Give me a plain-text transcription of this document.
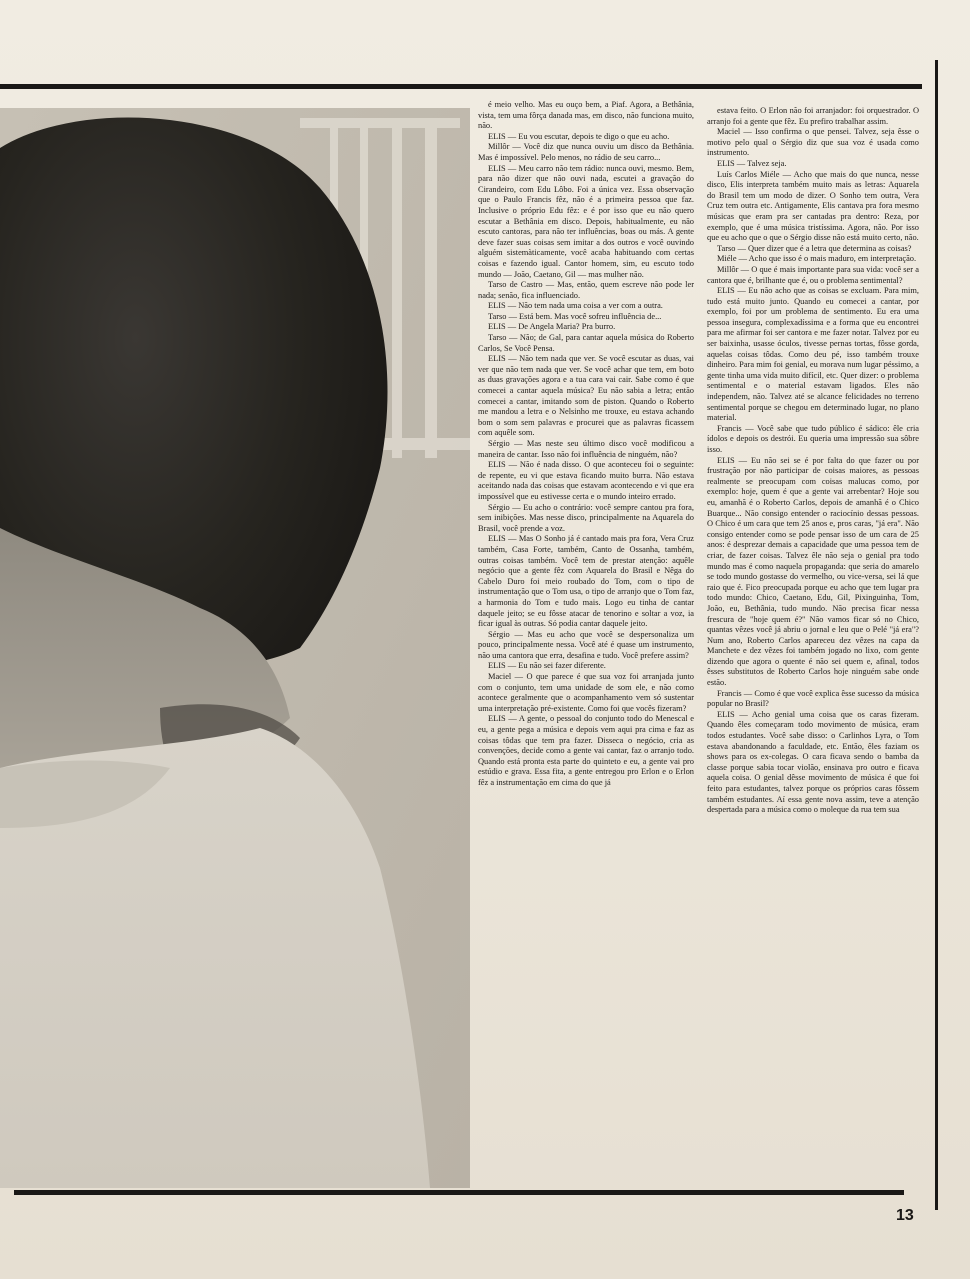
é meio velho. Mas eu ouço bem, a Piaf. Agora, a Bethânia, vista, tem uma fôrça danada mas, em disco, não funciona muito, não.

ELIS — Eu vou escutar, depois te digo o que eu acho.

Millôr — Você diz que nunca ouviu um disco da Bethânia. Mas é impossível. Pelo menos, no rádio de seu carro...

ELIS — Meu carro não tem rádio: nunca ouvi, mesmo. Bem, para não dizer que não ouvi nada, escutei a gravação do Cirandeiro, com Edu Lôbo. Foi a única vez. Essa observação que o Paulo Francis fêz, não é a primeira pessoa que faz. Inclusive o próprio Edu fêz: e é por isso que eu não quero escutar a Bethânia em disco. Depois, habitualmente, eu não escuto cantoras, para não ter influências, boas ou más. A gente deve fazer suas coisas sem imitar a dos outros e você ouvindo alguém sistemàticamente, você acaba habituando com certas coisas e fazendo igual. Cantor homem, sim, eu escuto todo mundo — João, Caetano, Gil — mas mulher não.

Tarso de Castro — Mas, então, quem escreve não pode ler nada; senão, fica influenciado.

ELIS — Não tem nada uma coisa a ver com a outra.

Tarso — Está bem. Mas você sofreu influência de...

ELIS — De Angela Maria? Pra burro.

Tarso — Não; de Gal, para cantar aquela música do Roberto Carlos, Se Você Pensa.

ELIS — Não tem nada que ver. Se você escutar as duas, vai ver que não tem nada que ver. Se você achar que tem, em boto as duas gravações agora e a tua cara vai cair. Sabe como é que comecei a cantar aquela música? Eu não sabia a letra; então comecei a cantar, imitando som de piston. Quando o Roberto me mandou a letra e o Nelsinho me trouxe, eu estava achando bom o som sem palavras e procurei que as palavras ficassem com aquêle som.

Sérgio — Mas neste seu último disco você modificou a maneira de cantar. Isso não foi influência de ninguém, não?

ELIS — Não é nada disso. O que aconteceu foi o seguinte: de repente, eu vi que estava ficando muito burra. Não estava aceitando nada das coisas que estavam acontecendo e vi que era impossível que eu estivesse certa e o mundo inteiro errado.

Sérgio — Eu acho o contrário: você sempre cantou pra fora, sem inibições. Mas nesse disco, principalmente na Aquarela do Brasil, você prende a voz.

ELIS — Mas O Sonho já é cantado mais pra fora, Vera Cruz também, Casa Forte, também, Canto de Ossanha, também, outras coisas também. Você tem de prestar atenção: aquêle negócio que a gente fêz com Aquarela do Brasil e Nêga do Cabelo Duro foi meio roubado do Tom, com o tipo de instrumentação que o Tom usa, o tipo de arranjo que o Tom faz, a harmonia do Tom e tudo mais. Logo eu tinha de cantar daquele jeito; se eu fôsse atacar de tenorino e soltar a voz, ia ficar igual às outras. Só podia cantar daquele jeito.

Sérgio — Mas eu acho que você se despersonaliza um pouco, principalmente nessa. Você até é quase um instrumento, não uma cantora que erra, desafina e tudo. Você prefere assim?

ELIS — Eu não sei fazer diferente.

Maciel — O que parece é que sua voz foi arranjada junto com o conjunto, tem uma unidade de som ele, e não como acontece geralmente que o acompanhamento vem só sustentar uma interpretação pré-existente. Como foi que vocês fizeram?

ELIS — A gente, o pessoal do conjunto todo do Menescal e eu, a gente pega a música e depois vem aqui pra cima e faz as coisas tôdas que tem pra fazer. Disseca o negócio, cria as convenções, decide como a gente vai cantar, faz o arranjo todo. Quando está pronta esta parte do quinteto e eu, a gente vai pro estúdio e grava. Essa fita, a gente entregou pro Erlon e o Erlon fêz a instrumentação em cima do que já

estava feito. O Erlon não foi arranjador: foi orquestrador. O arranjo foi a gente que fêz. Eu prefiro trabalhar assim.

Maciel — Isso confirma o que pensei. Talvez, seja êsse o motivo pelo qual o Sérgio diz que sua voz é usada como instrumento.

ELIS — Talvez seja.

Luís Carlos Miéle — Acho que mais do que nunca, nesse disco, Elis interpreta também muito mais as letras: Aquarela do Brasil tem um modo de dizer. O Sonho tem outra, Vera Cruz tem outra etc. Antigamente, Elis cantava pra fora mesmo músicas que eram pra ser cantadas pra dentro: Reza, por exemplo, que é uma música tristíssima. Agora, não. Por isso que eu acho que o que o Sérgio disse não está muito certo, não.

Tarso — Quer dizer que é a letra que determina as coisas?

Miéle — Acho que isso é o mais maduro, em interpretação.

Millôr — O que é mais importante para sua vida: você ser a cantora que é, brilhante que é, ou o problema sentimental?

ELIS — Eu não acho que as coisas se excluam. Para mim, tudo está muito junto. Quando eu comecei a cantar, por exemplo, foi por um problema de sentimento. Eu era uma pessoa insegura, complexadíssima e a forma que eu encontrei para me afirmar foi ser cantora e me fazer notar. Talvez por eu ser baixinha, usasse óculos, tivesse pernas tortas, fôsse gorda, aquelas coisas tôdas. Como deu pé, isso também trouxe dinheiro. Para mim foi genial, eu morava num lugar péssimo, a gente tinha uma vida muito difícil, etc. Quer dizer: o problema sentimental e o material estavam ligados. Eles não independem, não. Talvez até se alcance felicidades no terreno sentimental porque se chegou em determinado lugar, no plano material.

Francis — Você sabe que tudo público é sádico: êle cria ídolos e depois os destrói. Eu queria uma impressão sua sôbre isso.

ELIS — Eu não sei se é por falta do que fazer ou por frustração por não participar de coisas maiores, as pessoas realmente se preocupam com coisas malucas como, por exemplo: hoje, quem é que a gente vai arrebentar? Hoje sou eu, amanhã é o Roberto Carlos, depois de amanhã é o Chico Buarque... Não consigo entender o raciocínio dessas pessoas. O Chico é um cara que tem 25 anos e, pros caras, "já era". Não consigo entender como se pode pensar isso de um cara de 25 anos: é desprezar demais a capacidade que uma pessoa tem de criar, de fazer coisas. Talvez êle não seja o genial pra todo mundo mas é como naquela propaganda: que seria do amarelo se todo mundo gostasse do vermelho, ou vice-versa, sei lá que raio que é. Fico preocupada porque eu acho que tem lugar pra todo mundo: Chico, Caetano, Edu, Gil, Pixinguinha, Tom, João, eu, Bethânia, tudo mundo. Não precisa ficar nessa frescura de "hoje quem é?" Não vamos ficar só no Chico, quantas vêzes você já abriu o jornal e leu que o Pelé "já era"? Num ano, Roberto Carlos apareceu dez vêzes na capa da Manchete e dez vêzes foi também jogado no lixo, com gente dizendo que agora o quente é não sei quem e, afinal, todos êsses substitutos de Roberto Carlos hoje ninguém sabe onde estão.

Francis — Como é que você explica êsse sucesso da música popular no Brasil?

ELIS — Acho genial uma coisa que os caras fizeram. Quando êles começaram todo movimento de música, eram todos estudantes. Você sabe disso: o Carlinhos Lyra, o Tom estava abandonando a faculdade, etc. Então, êles faziam os shows para os ex-colegas. O cara ficava sendo o bamba da classe porque sabia tocar violão, ensinava pro outro e ficava aquela coisa. O genial dêsse movimento de música é que foi feito para estudantes, talvez porque os próprios caras fôssem também estudantes. Aí essa gente nova assim, teve a atenção despertada para a música como o moleque da rua tem sua

13
